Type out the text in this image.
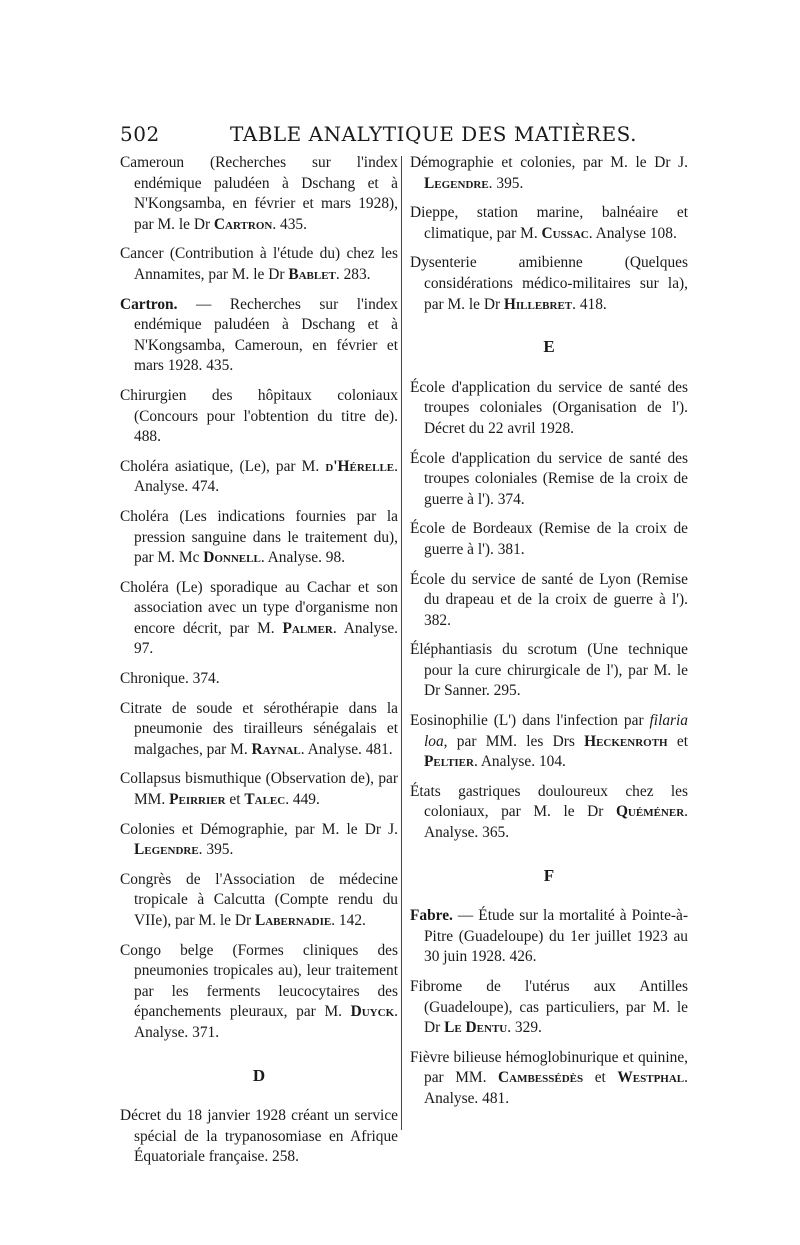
502	TABLE ANALYTIQUE DES MATIÈRES.

Cameroun (Recherches sur l'index endémique paludéen à Dschang et à N'Kongsamba, en février et mars 1928), par M. le Dr Cartron. 435.

Cancer (Contribution à l'étude du) chez les Annamites, par M. le Dr Bablet. 283.

Cartron. — Recherches sur l'index endémique paludéen à Dschang et à N'Kongsamba, Cameroun, en février et mars 1928. 435.

Chirurgien des hôpitaux coloniaux (Concours pour l'obtention du titre de). 488.

Choléra asiatique, (Le), par M. d'Hérelle. Analyse. 474.

Choléra (Les indications fournies par la pression sanguine dans le traitement du), par M. Mc Donnell. Analyse. 98.

Choléra (Le) sporadique au Cachar et son association avec un type d'organisme non encore décrit, par M. Palmer. Analyse. 97.

Chronique. 374.

Citrate de soude et sérothérapie dans la pneumonie des tirailleurs sénégalais et malgaches, par M. Raynal. Analyse. 481.

Collapsus bismuthique (Observation de), par MM. Peirrier et Talec. 449.

Colonies et Démographie, par M. le Dr J. Legendre. 395.

Congrès de l'Association de médecine tropicale à Calcutta (Compte rendu du VIIe), par M. le Dr Labernadie. 142.

Congo belge (Formes cliniques des pneumonies tropicales au), leur traitement par les ferments leucocytaires des épanchements pleuraux, par M. Duyck. Analyse. 371.

D

Décret du 18 janvier 1928 créant un service spécial de la trypanosomiase en Afrique Équatoriale française. 258.

Démographie et colonies, par M. le Dr J. Legendre. 395.

Dieppe, station marine, balnéaire et climatique, par M. Cussac. Analyse 108.

Dysenterie amibienne (Quelques considérations médico-militaires sur la), par M. le Dr Hillebret. 418.

E

École d'application du service de santé des troupes coloniales (Organisation de l'). Décret du 22 avril 1928.

École d'application du service de santé des troupes coloniales (Remise de la croix de guerre à l'). 374.

École de Bordeaux (Remise de la croix de guerre à l'). 381.

École du service de santé de Lyon (Remise du drapeau et de la croix de guerre à l'). 382.

Éléphantiasis du scrotum (Une technique pour la cure chirurgicale de l'), par M. le Dr Sanner. 295.

Eosinophilie (L') dans l'infection par filaria loa, par MM. les Drs Heckenroth et Peltier. Analyse. 104.

États gastriques douloureux chez les coloniaux, par M. le Dr Quéméner. Analyse. 365.

F

Fabre. — Étude sur la mortalité à Pointe-à-Pitre (Guadeloupe) du 1er juillet 1923 au 30 juin 1928. 426.

Fibrome de l'utérus aux Antilles (Guadeloupe), cas particuliers, par M. le Dr Le Dentu. 329.

Fièvre bilieuse hémoglobinurique et quinine, par MM. Cambessédès et Westphal. Analyse. 481.
